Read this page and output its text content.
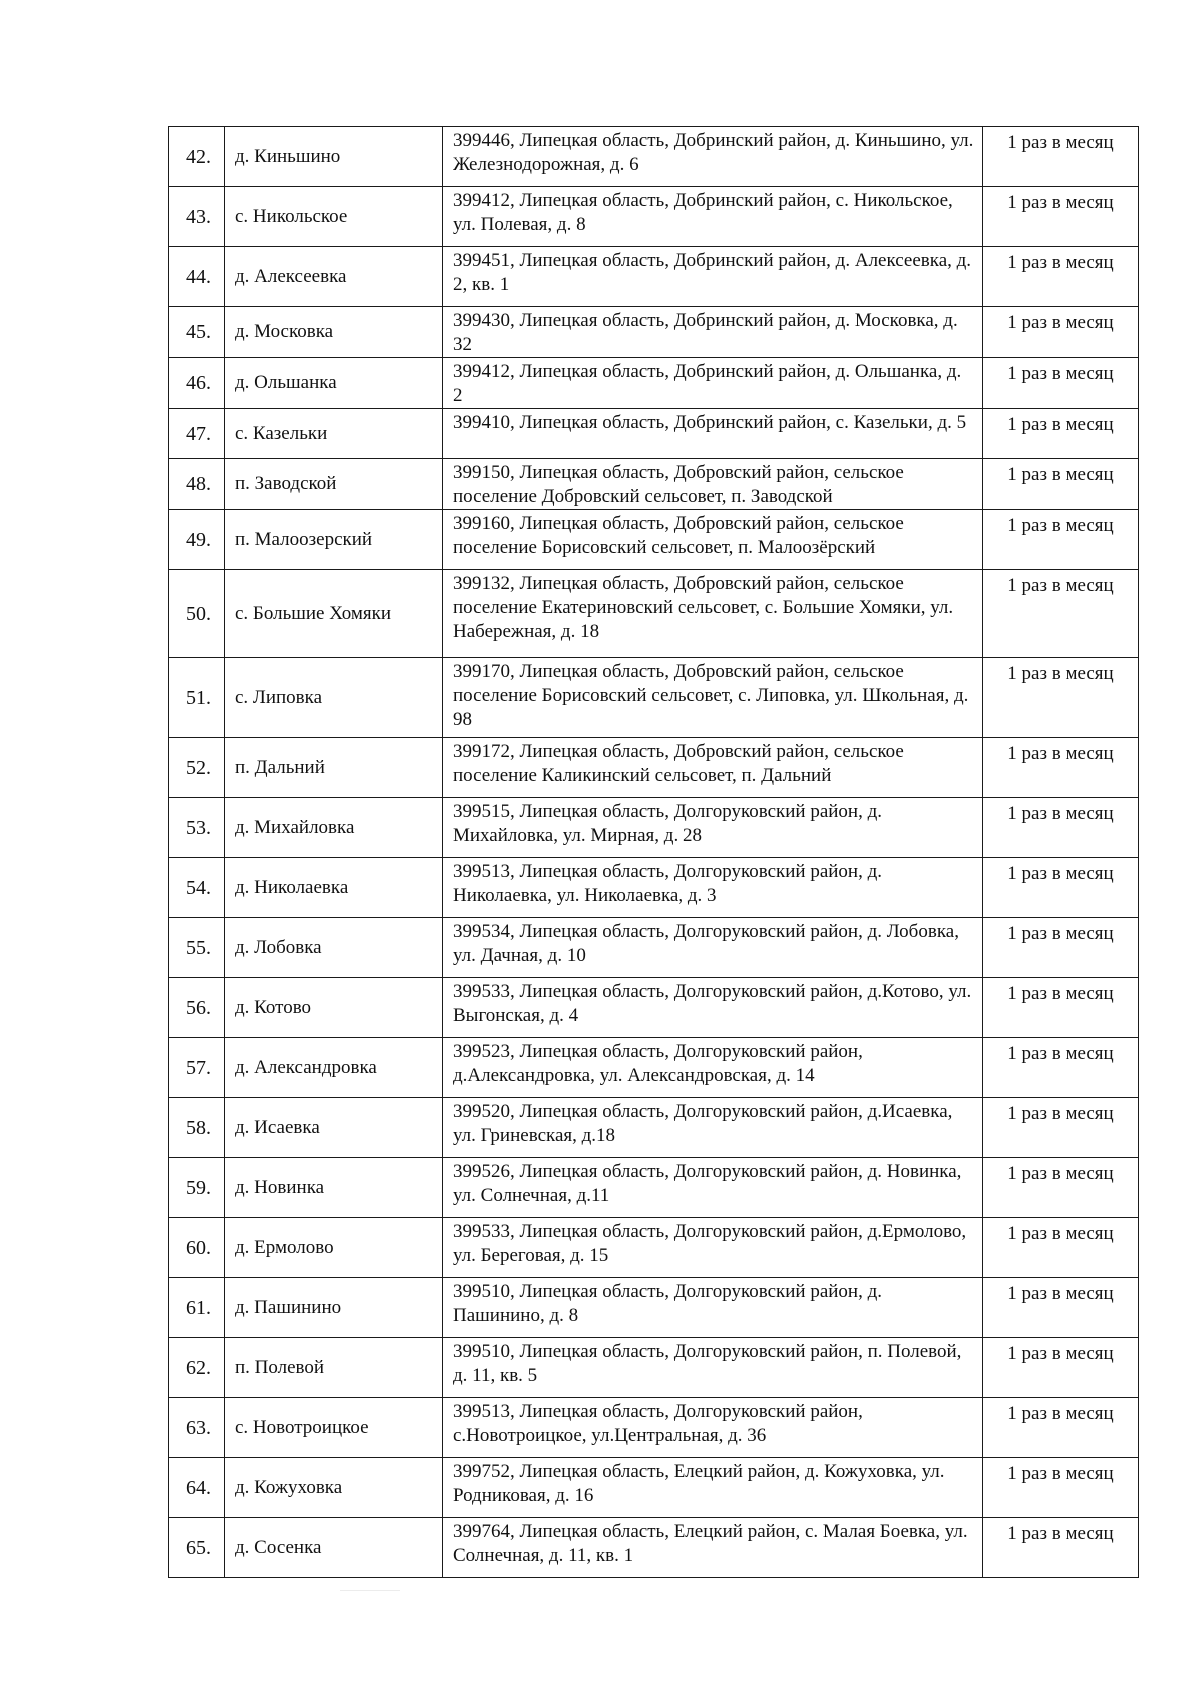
42.	д. Киньшино	399446, Липецкая область, Добринский район, д. Киньшино, ул. Железнодорожная, д. 6	1 раз в месяц
43.	с. Никольское	399412, Липецкая область, Добринский район, с. Никольское, ул. Полевая, д. 8	1 раз в месяц
44.	д. Алексеевка	399451, Липецкая область, Добринский район, д. Алексеевка, д. 2, кв. 1	1 раз в месяц
45.	д. Московка	399430, Липецкая область, Добринский район, д. Московка, д. 32	1 раз в месяц
46.	д. Ольшанка	399412, Липецкая область, Добринский район, д. Ольшанка, д. 2	1 раз в месяц
47.	с. Казельки	399410, Липецкая область, Добринский район, с. Казельки, д. 5	1 раз в месяц
48.	п. Заводской	399150, Липецкая область, Добровский район, сельское поселение Добровский сельсовет, п. Заводской	1 раз в месяц
49.	п. Малоозерский	399160, Липецкая область, Добровский район, сельское поселение Борисовский сельсовет, п. Малоозёрский	1 раз в месяц
50.	с. Большие Хомяки	399132, Липецкая область, Добровский район, сельское поселение Екатериновский сельсовет, с. Большие Хомяки, ул. Набережная, д. 18	1 раз в месяц
51.	с. Липовка	399170, Липецкая область, Добровский район, сельское поселение Борисовский сельсовет, с. Липовка, ул. Школьная, д. 98	1 раз в месяц
52.	п. Дальний	399172, Липецкая область, Добровский район, сельское поселение Каликинский сельсовет, п. Дальний	1 раз в месяц
53.	д. Михайловка	399515, Липецкая область, Долгоруковский район, д. Михайловка, ул. Мирная, д. 28	1 раз в месяц
54.	д. Николаевка	399513, Липецкая область, Долгоруковский район, д. Николаевка, ул. Николаевка, д. 3	1 раз в месяц
55.	д. Лобовка	399534, Липецкая область, Долгоруковский район, д. Лобовка, ул. Дачная, д. 10	1 раз в месяц
56.	д. Котово	399533, Липецкая область, Долгоруковский район, д.Котово, ул. Выгонская, д. 4	1 раз в месяц
57.	д. Александровка	399523, Липецкая область, Долгоруковский район, д.Александровка, ул. Александровская, д. 14	1 раз в месяц
58.	д. Исаевка	399520, Липецкая область, Долгоруковский район, д.Исаевка, ул. Гриневская, д.18	1 раз в месяц
59.	д. Новинка	399526, Липецкая область, Долгоруковский район, д. Новинка, ул. Солнечная, д.11	1 раз в месяц
60.	д. Ермолово	399533, Липецкая область, Долгоруковский район, д.Ермолово, ул. Береговая, д. 15	1 раз в месяц
61.	д. Пашинино	399510, Липецкая область, Долгоруковский район, д. Пашинино, д. 8	1 раз в месяц
62.	п. Полевой	399510, Липецкая область, Долгоруковский район, п. Полевой, д. 11, кв. 5	1 раз в месяц
63.	с. Новотроицкое	399513, Липецкая область, Долгоруковский район, с.Новотроицкое, ул.Центральная, д. 36	1 раз в месяц
64.	д. Кожуховка	399752, Липецкая область, Елецкий район, д. Кожуховка, ул. Родниковая, д. 16	1 раз в месяц
65.	д. Сосенка	399764, Липецкая область, Елецкий район, с. Малая Боевка, ул. Солнечная, д. 11, кв. 1	1 раз в месяц
